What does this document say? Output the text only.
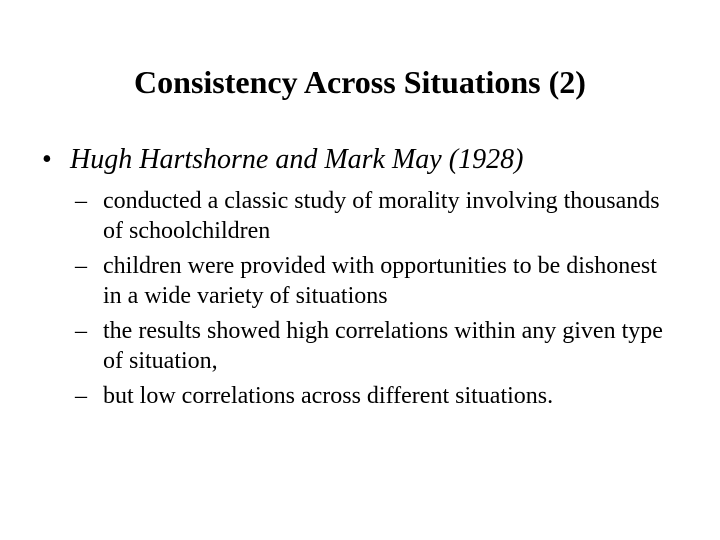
Consistency Across Situations (2)
• Hugh Hartshorne and Mark May (1928)
– conducted a classic study of morality involving thousands of schoolchildren
– children were provided with opportunities to be dishonest in a wide variety of situations
– the results showed high correlations within any given type of situation,
– but low correlations across different situations.
